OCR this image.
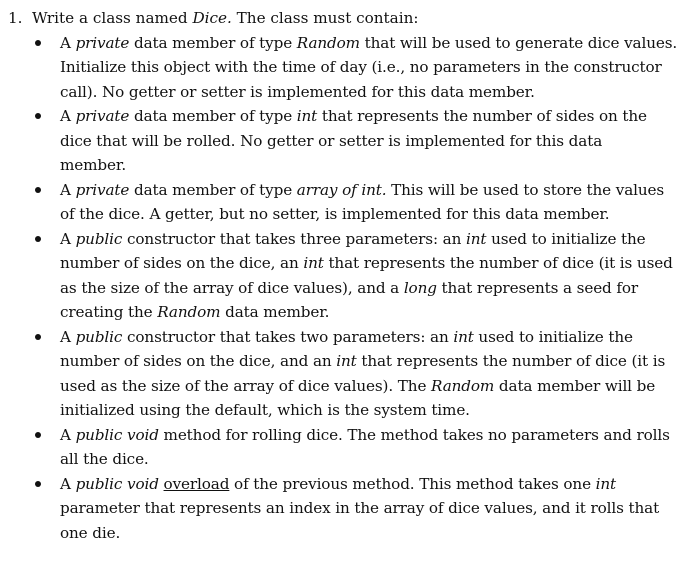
1. Write a class named Dice. The class must contain:
A private data member of type Random that will be used to generate dice values.
Initialize this object with the time of day (i.e., no parameters in the constructor
call). No getter or setter is implemented for this data member.
A private data member of type int that represents the number of sides on the
dice that will be rolled. No getter or setter is implemented for this data
member.
A private data member of type array of int. This will be used to store the values
of the dice. A getter, but no setter, is implemented for this data member.
A public constructor that takes three parameters: an int used to initialize the
number of sides on the dice, an int that represents the number of dice (it is used
as the size of the array of dice values), and a long that represents a seed for
creating the Random data member.
A public constructor that takes two parameters: an int used to initialize the
number of sides on the dice, and an int that represents the number of dice (it is
used as the size of the array of dice values). The Random data member will be
initialized using the default, which is the system time.
A public void method for rolling dice. The method takes no parameters and rolls
all the dice.
A public void overload of the previous method. This method takes one int
parameter that represents an index in the array of dice values, and it rolls that
one die.
